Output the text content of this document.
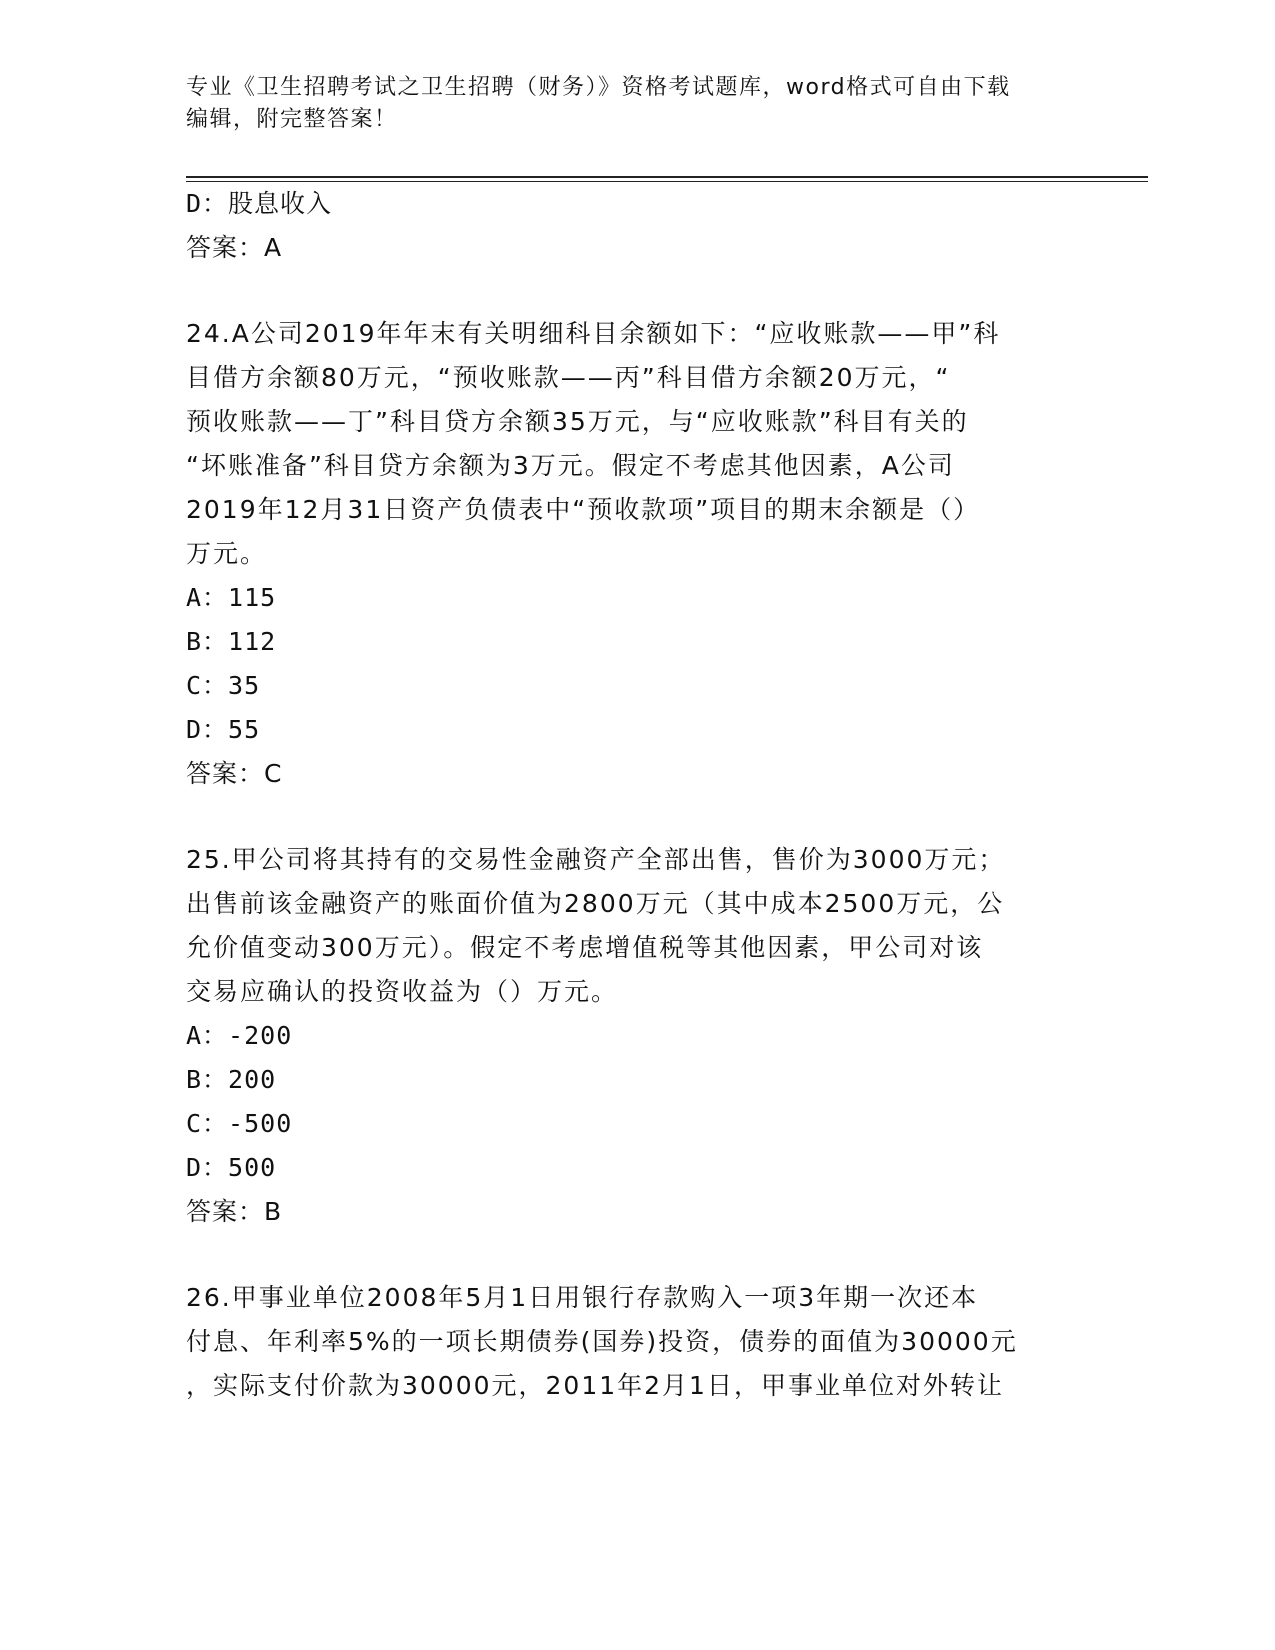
专业《卫生招聘考试之卫生招聘（财务）》资格考试题库，word格式可自由下载
编辑，附完整答案！
D：股息收入
答案：A
24.A公司2019年年末有关明细科目余额如下：“应收账款——甲”科
目借方余额80万元，“预收账款——丙”科目借方余额20万元，“
预收账款——丁”科目贷方余额35万元，与“应收账款”科目有关的
“坏账准备”科目贷方余额为3万元。假定不考虑其他因素，A公司
2019年12月31日资产负债表中“预收款项”项目的期末余额是（）
万元。
A：115
B：112
C：35
D：55
答案：C
25.甲公司将其持有的交易性金融资产全部出售，售价为3000万元；
出售前该金融资产的账面价值为2800万元（其中成本2500万元，公
允价值变动300万元）。假定不考虑增值税等其他因素，甲公司对该
交易应确认的投资收益为（）万元。
A：-200
B：200
C：-500
D：500
答案：B
26.甲事业单位2008年5月1日用银行存款购入一项3年期一次还本
付息、年利率5%的一项长期债券(国券)投资，债券的面值为30000元
，实际支付价款为30000元，2011年2月1日，甲事业单位对外转让
